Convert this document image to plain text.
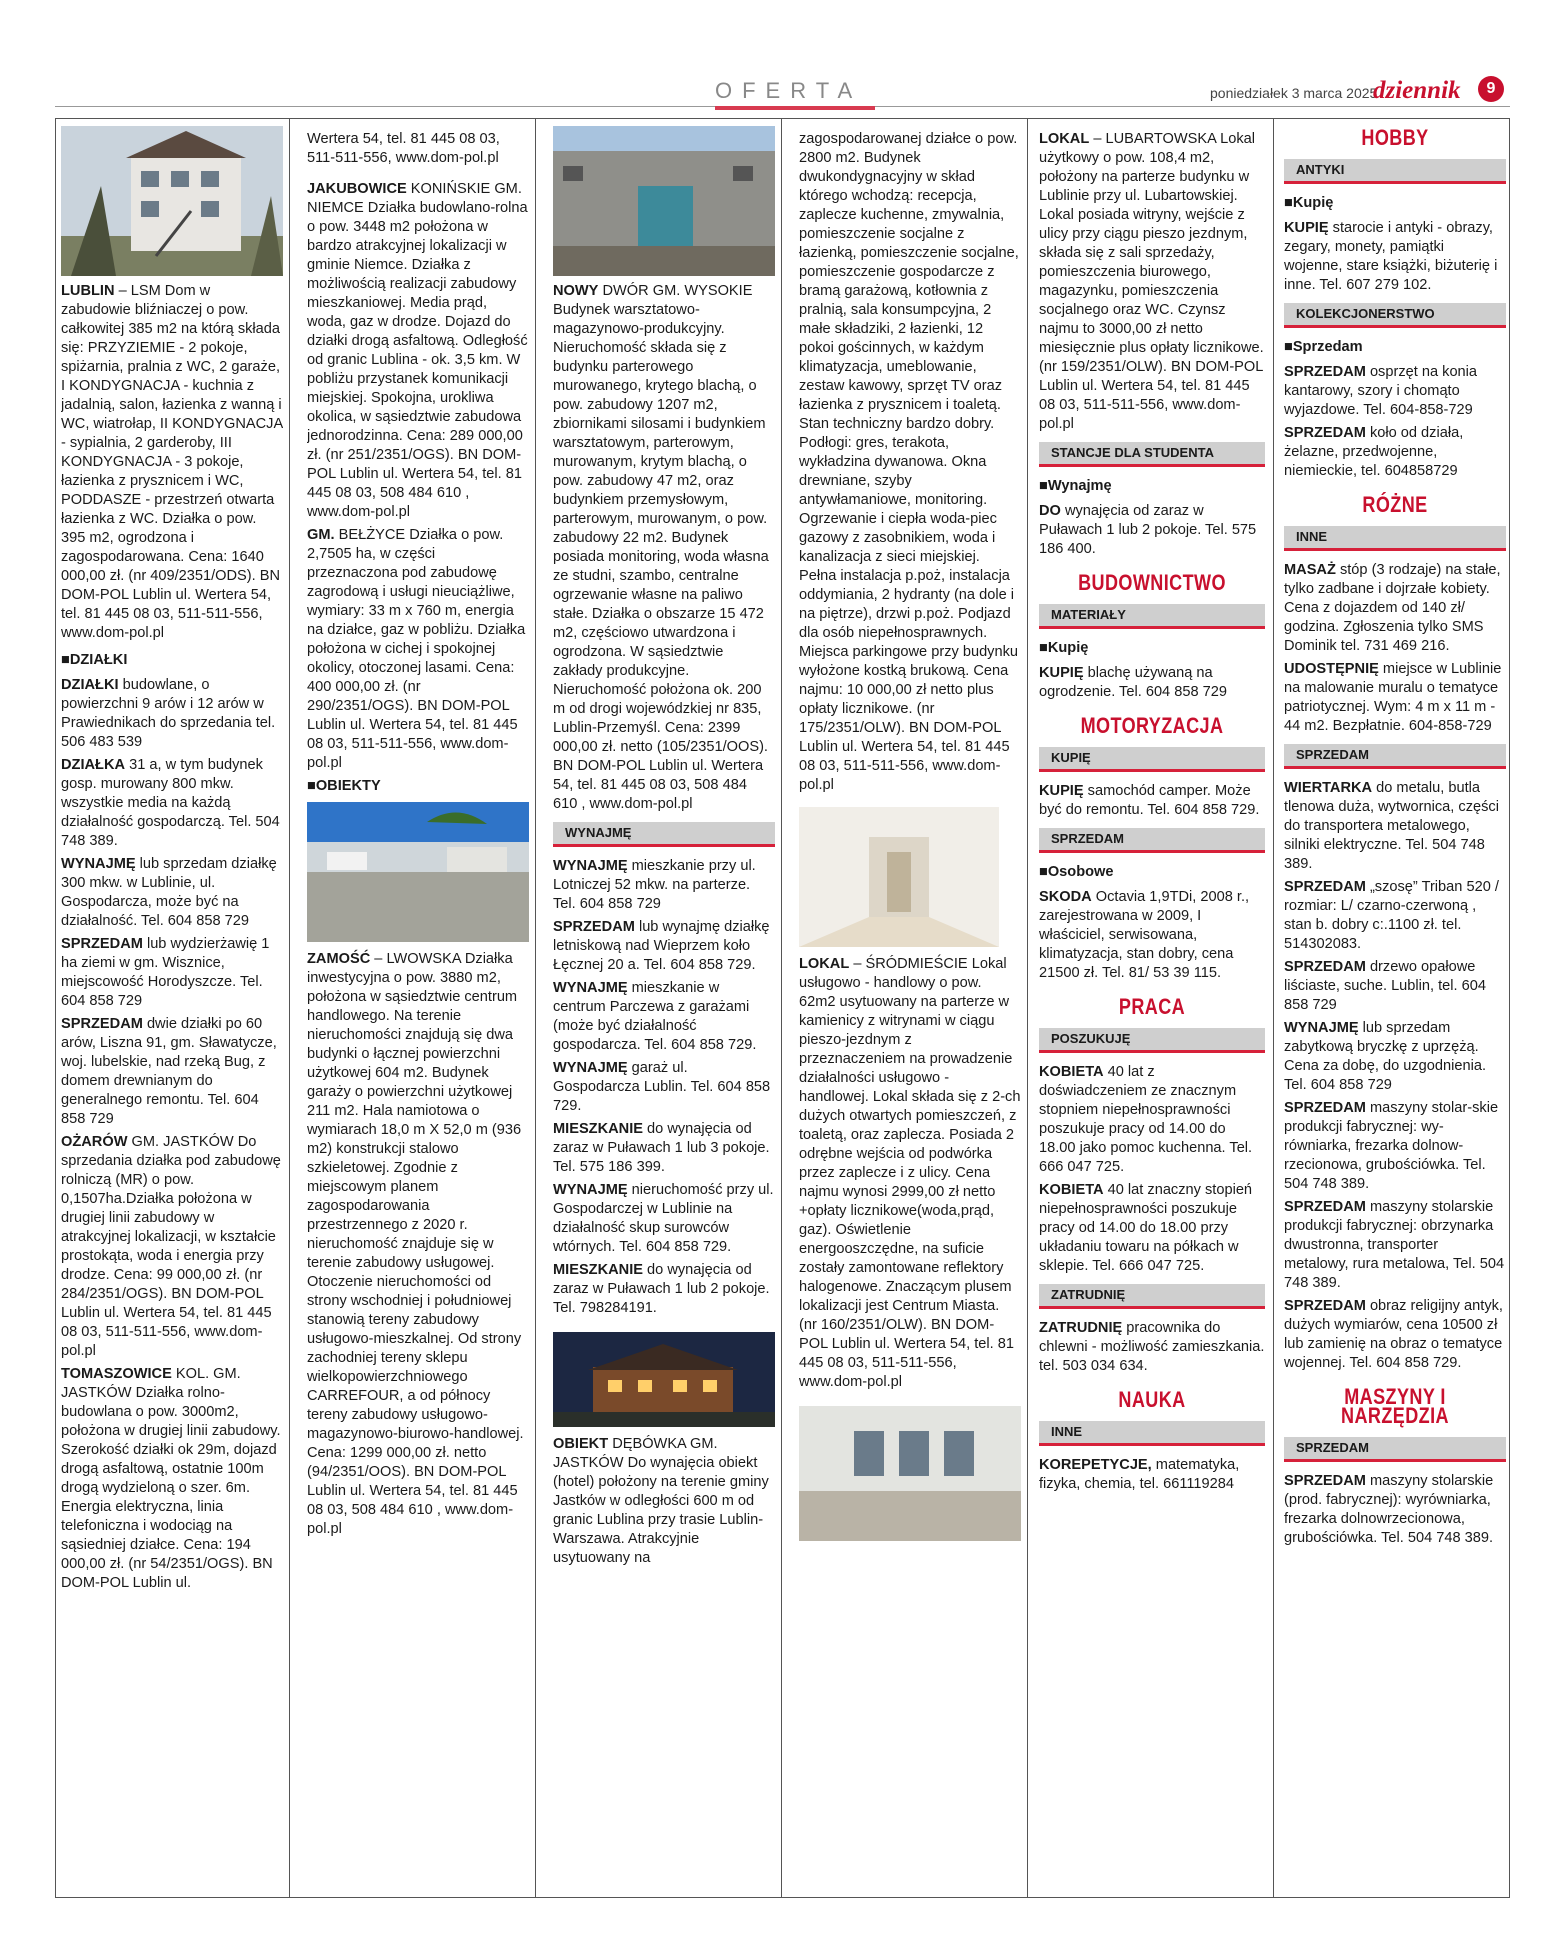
OFERTA	poniedziałek 3 marca 2025
dziennik	9

LUBLIN – LSM Dom w zabudowie bliźniaczej o pow. całkowitej 385 m2 na którą składa się: PRZYZIEMIE - 2 pokoje, spiżarnia, pralnia z WC, 2 garaże, I KONDYGNACJA - kuchnia z jadalnią, salon, łazienka z wanną i WC, wiatrołap, II KONDYGNACJA - sypialnia, 2 garderoby, III KONDYGNACJA - 3 pokoje, łazienka z prysznicem i WC, PODDASZE - przestrzeń otwarta łazienka z WC. Działka o pow. 395 m2, ogrodzona i zagospodarowana. Cena: 1640 000,00 zł. (nr 409/2351/ODS). BN DOM-POL Lublin ul. Wertera 54, tel. 81 445 08 03, 511-511-556, www.dom-pol.pl

■ DZIAŁKI

DZIAŁKI budowlane, o powierzchni 9 arów i 12 arów w Prawiednikach do sprzedania tel. 506 483 539

DZIAŁKA 31 a, w tym budynek gosp. murowany 800 mkw. wszystkie media na każdą działalność gospodarczą. Tel. 504 748 389.

WYNAJMĘ lub sprzedam działkę 300 mkw. w Lublinie, ul. Gospodarcza, może być na działalność. Tel. 604 858 729

SPRZEDAM lub wydzierżawię 1 ha ziemi w gm. Wisznice, miejscowość Horodyszcze. Tel. 604 858 729

SPRZEDAM dwie działki po 60 arów, Liszna 91, gm. Sławatycze, woj. lubelskie, nad rzeką Bug, z domem drewnianym do generalnego remontu. Tel. 604 858 729

OŻARÓW GM. JASTKÓW Do sprzedania działka pod zabudowę rolniczą (MR) o pow. 0,1507ha.Działka położona w drugiej linii zabudowy w atrakcyjnej lokalizacji, w kształcie prostokąta, woda i energia przy drodze. Cena: 99 000,00 zł. (nr 284/2351/OGS). BN DOM-POL Lublin ul. Wertera 54, tel. 81 445 08 03, 511-511-556, www.dom-pol.pl

TOMASZOWICE KOL. GM. JASTKÓW Działka rolno-budowlana o pow. 3000m2, położona w drugiej linii zabudowy. Szerokość działki ok 29m, dojazd drogą asfaltową, ostatnie 100m drogą wydzieloną o szer. 6m. Energia elektryczna, linia telefoniczna i wodociąg na sąsiedniej działce. Cena: 194 000,00 zł. (nr 54/2351/OGS). BN DOM-POL Lublin ul.

Wertera 54, tel. 81 445 08 03, 511-511-556, www.dom-pol.pl

JAKUBOWICE KONIŃSKIE GM. NIEMCE Działka budowlano-rolna o pow. 3448 m2 położona w bardzo atrakcyjnej lokalizacji w gminie Niemce. Działka z możliwością realizacji zabudowy mieszkaniowej. Media prąd, woda, gaz w drodze. Dojazd do działki drogą asfaltową. Odległość od granic Lublina - ok. 3,5 km. W pobliżu przystanek komunikacji miejskiej. Spokojna, urokliwa okolica, w sąsiedztwie zabudowa jednorodzinna. Cena: 289 000,00 zł. (nr 251/2351/OGS). BN DOM-POL Lublin ul. Wertera 54, tel. 81 445 08 03, 508 484 610 , www.dom-pol.pl

GM. BEŁŻYCE Działka o pow. 2,7505 ha, w części przeznaczona pod zabudowę zagrodową i usługi nieuciążliwe, wymiary: 33 m x 760 m, energia na działce, gaz w pobliżu. Działka położona w cichej i spokojnej okolicy, otoczonej lasami. Cena: 400 000,00 zł. (nr 290/2351/OGS). BN DOM-POL Lublin ul. Wertera 54, tel. 81 445 08 03, 511-511-556, www.dom-pol.pl

■ OBIEKTY

ZAMOŚĆ – LWOWSKA Działka inwestycyjna o pow. 3880 m2, położona w sąsiedztwie centrum handlowego. Na terenie nieruchomości znajdują się dwa budynki o łącznej powierzchni użytkowej 604 m2. Budynek garaży o powierzchni użytkowej 211 m2. Hala namiotowa o wymiarach 18,0 m X 52,0 m (936 m2) konstrukcji stalowo szkieletowej. Zgodnie z miejscowym planem zagospodarowania przestrzennego z 2020 r. nieruchomość znajduje się w terenie zabudowy usługowej. Otoczenie nieruchomości od strony wschodniej i południowej stanowią tereny zabudowy usługowo-mieszkalnej. Od strony zachodniej tereny sklepu wielkopowierzchniowego CARREFOUR, a od północy tereny zabudowy usługowo-magazynowo-biurowo-handlowej. Cena: 1299 000,00 zł. netto (94/2351/OOS). BN DOM-POL Lublin ul. Wertera 54, tel. 81 445 08 03, 508 484 610 , www.dom-pol.pl

NOWY DWÓR GM. WYSOKIE Budynek warsztatowo-magazynowo-produkcyjny. Nieruchomość składa się z budynku parterowego murowanego, krytego blachą, o pow. zabudowy 1207 m2, zbiornikami silosami i budynkiem warsztatowym, parterowym, murowanym, krytym blachą, o pow. zabudowy 47 m2, oraz budynkiem przemysłowym, parterowym, murowanym, o pow. zabudowy 22 m2. Budynek posiada monitoring, woda własna ze studni, szambo, centralne ogrzewanie własne na paliwo stałe. Działka o obszarze 15 472 m2, częściowo utwardzona i ogrodzona. W sąsiedztwie zakłady produkcyjne. Nieruchomość położona ok. 200 m od drogi wojewódzkiej nr 835, Lublin-Przemyśl. Cena: 2399 000,00 zł. netto (105/2351/OOS). BN DOM-POL Lublin ul. Wertera 54, tel. 81 445 08 03, 508 484 610 , www.dom-pol.pl

WYNAJMĘ

WYNAJMĘ mieszkanie przy ul. Lotniczej 52 mkw. na parterze. Tel. 604 858 729

SPRZEDAM lub wynajmę działkę letniskową nad Wieprzem koło Łęcznej 20 a. Tel. 604 858 729.

WYNAJMĘ mieszkanie w centrum Parczewa z garażami (może być działalność gospodarcza. Tel. 604 858 729.

WYNAJMĘ garaż ul. Gospodarcza Lublin. Tel. 604 858 729.

MIESZKANIE do wynajęcia od zaraz w Puławach 1 lub 3 pokoje. Tel. 575 186 399.

WYNAJMĘ nieruchomość przy ul. Gospodarczej w Lublinie na działalność skup surowców wtórnych. Tel. 604 858 729.

MIESZKANIE do wynajęcia od zaraz w Puławach 1 lub 2 pokoje. Tel. 798284191.

OBIEKT DĘBÓWKA GM. JASTKÓW Do wynajęcia obiekt (hotel) położony na terenie gminy Jastków w odległości 600 m od granic Lublina przy trasie Lublin-Warszawa. Atrakcyjnie usytuowany na

zagospodarowanej działce o pow. 2800 m2. Budynek dwukondygnacyjny w skład którego wchodzą: recepcja, zaplecze kuchenne, zmywalnia, pomieszczenie socjalne z łazienką, pomieszczenie socjalne, pomieszczenie gospodarcze z bramą garażową, kotłownia z pralnią, sala konsumpcyjna, 2 małe składziki, 2 łazienki, 12 pokoi gościnnych, w każdym klimatyzacja, umeblowanie, zestaw kawowy, sprzęt TV oraz łazienka z prysznicem i toaletą. Stan techniczny bardzo dobry. Podłogi: gres, terakota, wykładzina dywanowa. Okna drewniane, szyby antywłamaniowe, monitoring. Ogrzewanie i ciepła woda-piec gazowy z zasobnikiem, woda i kanalizacja z sieci miejskiej. Pełna instalacja p.poż, instalacja oddymiania, 2 hydranty (na dole i na piętrze), drzwi p.poż. Podjazd dla osób niepełnosprawnych. Miejsca parkingowe przy budynku wyłożone kostką brukową. Cena najmu: 10 000,00 zł netto plus opłaty licznikowe. (nr 175/2351/OLW). BN DOM-POL Lublin ul. Wertera 54, tel. 81 445 08 03, 511-511-556, www.dom-pol.pl

LOKAL – ŚRÓDMIEŚCIE Lokal usługowo - handlowy o pow. 62m2 usytuowany na parterze w kamienicy z witrynami w ciągu pieszo-jezdnym z przeznaczeniem na prowadzenie działalności usługowo - handlowej. Lokal składa się z 2-ch dużych otwartych pomieszczeń, z toaletą, oraz zaplecza. Posiada 2 odrębne wejścia od podwórka przez zaplecze i z ulicy. Cena najmu wynosi 2999,00 zł netto +opłaty licznikowe(woda,prąd, gaz). Oświetlenie energooszczędne, na suficie zostały zamontowane reflektory halogenowe. Znaczącym plusem lokalizacji jest Centrum Miasta. (nr 160/2351/OLW). BN DOM-POL Lublin ul. Wertera 54, tel. 81 445 08 03, 511-511-556, www.dom-pol.pl

LOKAL – LUBARTOWSKA Lokal użytkowy o pow. 108,4 m2, położony na parterze budynku w Lublinie przy ul. Lubartowskiej. Lokal posiada witryny, wejście z ulicy przy ciągu pieszo jezdnym, składa się z sali sprzedaży, pomieszczenia biurowego, magazynku, pomieszczenia socjalnego oraz WC. Czynsz najmu to 3000,00 zł netto miesięcznie plus opłaty licznikowe. (nr 159/2351/OLW). BN DOM-POL Lublin ul. Wertera 54, tel. 81 445 08 03, 511-511-556, www.dom-pol.pl

STANCJE DLA STUDENTA
■ Wynajmę

DO wynajęcia od zaraz w Puławach 1 lub 2 pokoje. Tel. 575 186 400.

BUDOWNICTWO
MATERIAŁY
■ Kupię

KUPIĘ blachę używaną na ogrodzenie. Tel. 604 858 729

MOTORYZACJA
KUPIĘ

KUPIĘ samochód camper. Może być do remontu. Tel. 604 858 729.

SPRZEDAM
■ Osobowe

SKODA Octavia 1,9TDi, 2008 r., zarejestrowana w 2009, I właściciel, serwisowana, klimatyzacja, stan dobry, cena 21500 zł. Tel. 81/ 53 39 115.

PRACA
POSZUKUJĘ

KOBIETA 40 lat z doświadczeniem ze znacznym stopniem niepełnosprawności poszukuje pracy od 14.00 do 18.00 jako pomoc kuchenna. Tel. 666 047 725.

KOBIETA 40 lat znaczny stopień niepełnosprawności poszukuje pracy od 14.00 do 18.00 przy układaniu towaru na półkach w sklepie. Tel. 666 047 725.

ZATRUDNIĘ

ZATRUDNIĘ pracownika do chlewni - możliwość zamieszkania. tel. 503 034 634.

NAUKA
INNE

KOREPETYCJE, matematyka, fizyka, chemia, tel. 661119284

HOBBY
ANTYKI
■ Kupię

KUPIĘ starocie i antyki - obrazy, zegary, monety, pamiątki wojenne, stare książki, biżuterię i inne. Tel. 607 279 102.

KOLEKCJONERSTWO
■ Sprzedam

SPRZEDAM osprzęt na konia kantarowy, szory i chomąto wyjazdowe. Tel. 604-858-729

SPRZEDAM koło od działa, żelazne, przedwojenne, niemieckie, tel. 604858729

RÓŻNE
INNE

MASAŻ stóp (3 rodzaje) na stałe, tylko zadbane i dojrzałe kobiety. Cena z dojazdem od 140 zł/ godzina. Zgłoszenia tylko SMS Dominik tel. 731 469 216.

UDOSTĘPNIĘ miejsce w Lublinie na malowanie muralu o tematyce patriotycznej. Wym: 4 m x 11 m - 44 m2. Bezpłatnie. 604-858-729

SPRZEDAM

WIERTARKA do metalu, butla tlenowa duża, wytwornica, części do transportera metalowego, silniki elektryczne. Tel. 504 748 389.

SPRZEDAM „szosę” Triban 520 / rozmiar: L/ czarno-czerwoną , stan b. dobry c:.1100 zł. tel. 514302083.

SPRZEDAM drzewo opałowe liściaste, suche. Lublin, tel. 604 858 729

WYNAJMĘ lub sprzedam zabytkową bryczkę z uprzężą. Cena za dobę, do uzgodnienia. Tel. 604 858 729

SPRZEDAM maszyny stolar-skie produkcji fabrycznej: wy-równiarka, frezarka dolnow-rzecionowa, grubościówka. Tel. 504 748 389.

SPRZEDAM maszyny stolarskie produkcji fabrycznej: obrzynarka dwustronna, transporter metalowy, rura metalowa, Tel. 504 748 389.

SPRZEDAM obraz religijny antyk, dużych wymiarów, cena 10500 zł lub zamienię na obraz o tematyce wojennej. Tel. 604 858 729.

MASZYNY I NARZĘDZIA
SPRZEDAM

SPRZEDAM maszyny stolarskie (prod. fabrycznej): wyrówniarka, frezarka dolnowrzecionowa, grubościówka. Tel. 504 748 389.
